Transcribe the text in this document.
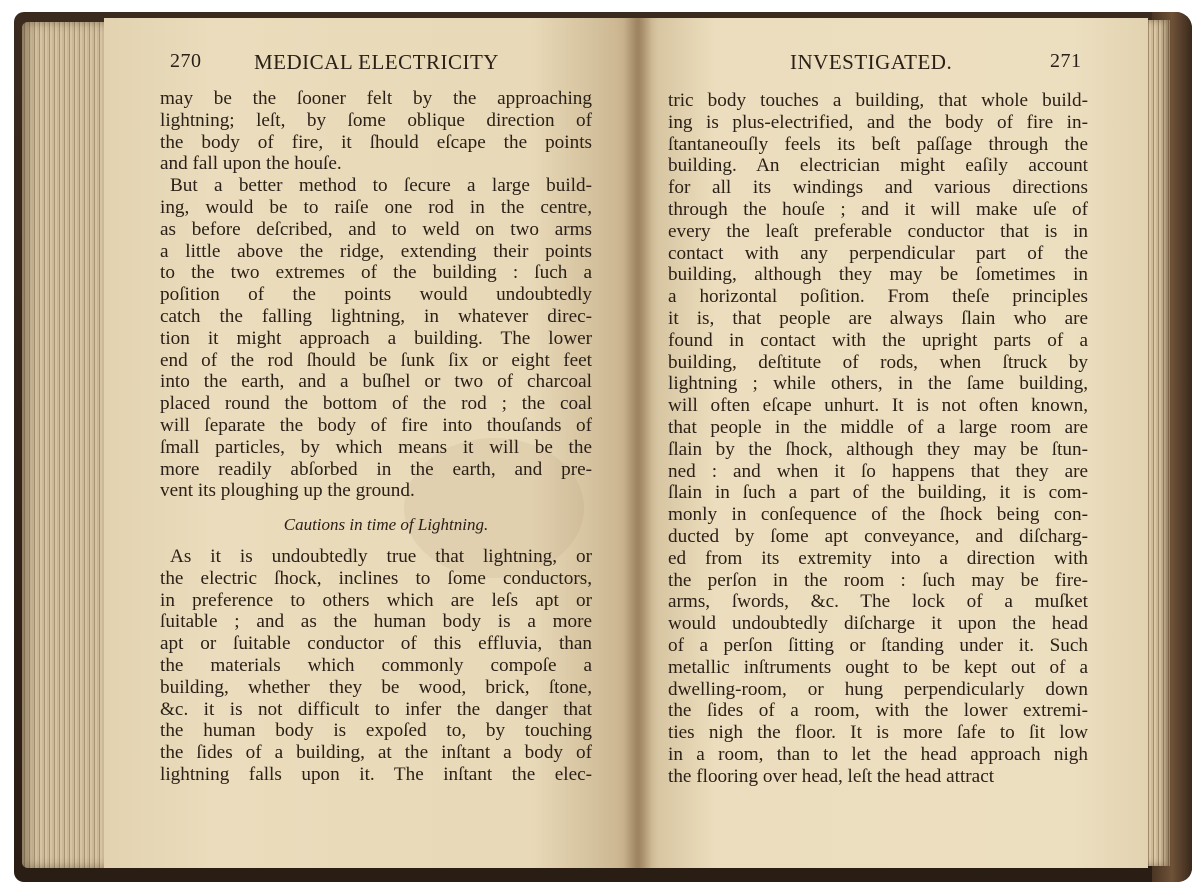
270	MEDICAL ELECTRICITY
may be the ſooner felt by the approaching
lightning; leſt, by ſome oblique direction of
the body of fire, it ſhould eſcape the points
and fall upon the houſe.
But a better method to ſecure a large build-
ing, would be to raiſe one rod in the centre,
as before deſcribed, and to weld on two arms
a little above the ridge, extending their points
to the two extremes of the building : ſuch a
poſition of the points would undoubtedly
catch the falling lightning, in whatever direc-
tion it might approach a building. The lower
end of the rod ſhould be ſunk ſix or eight feet
into the earth, and a buſhel or two of charcoal
placed round the bottom of the rod ; the coal
will ſeparate the body of fire into thouſands of
ſmall particles, by which means it will be the
more readily abſorbed in the earth, and pre-
vent its ploughing up the ground.
Cautions in time of Lightning.
As it is undoubtedly true that lightning, or
the electric ſhock, inclines to ſome conductors,
in preference to others which are leſs apt or
ſuitable ; and as the human body is a more
apt or ſuitable conductor of this effluvia, than
the materials which commonly compoſe a
building, whether they be wood, brick, ſtone,
&c. it is not difficult to infer the danger that
the human body is expoſed to, by touching
the ſides of a building, at the inſtant a body of
lightning falls upon it. The inſtant the elec-
INVESTIGATED.	271
tric body touches a building, that whole build-
ing is plus-electrified, and the body of fire in-
ſtantaneouſly feels its beſt paſſage through the
building. An electrician might eaſily account
for all its windings and various directions
through the houſe ; and it will make uſe of
every the leaſt preferable conductor that is in
contact with any perpendicular part of the
building, although they may be ſometimes in
a horizontal poſition. From theſe principles
it is, that people are always ſlain who are
found in contact with the upright parts of a
building, deſtitute of rods, when ſtruck by
lightning ; while others, in the ſame building,
will often eſcape unhurt. It is not often known,
that people in the middle of a large room are
ſlain by the ſhock, although they may be ſtun-
ned : and when it ſo happens that they are
ſlain in ſuch a part of the building, it is com-
monly in conſequence of the ſhock being con-
ducted by ſome apt conveyance, and diſcharg-
ed from its extremity into a direction with
the perſon in the room : ſuch may be fire-
arms, ſwords, &c. The lock of a muſket
would undoubtedly diſcharge it upon the head
of a perſon ſitting or ſtanding under it. Such
metallic inſtruments ought to be kept out of a
dwelling-room, or hung perpendicularly down
the ſides of a room, with the lower extremi-
ties nigh the floor. It is more ſafe to ſit low
in a room, than to let the head approach nigh
the flooring over head, leſt the head attract
